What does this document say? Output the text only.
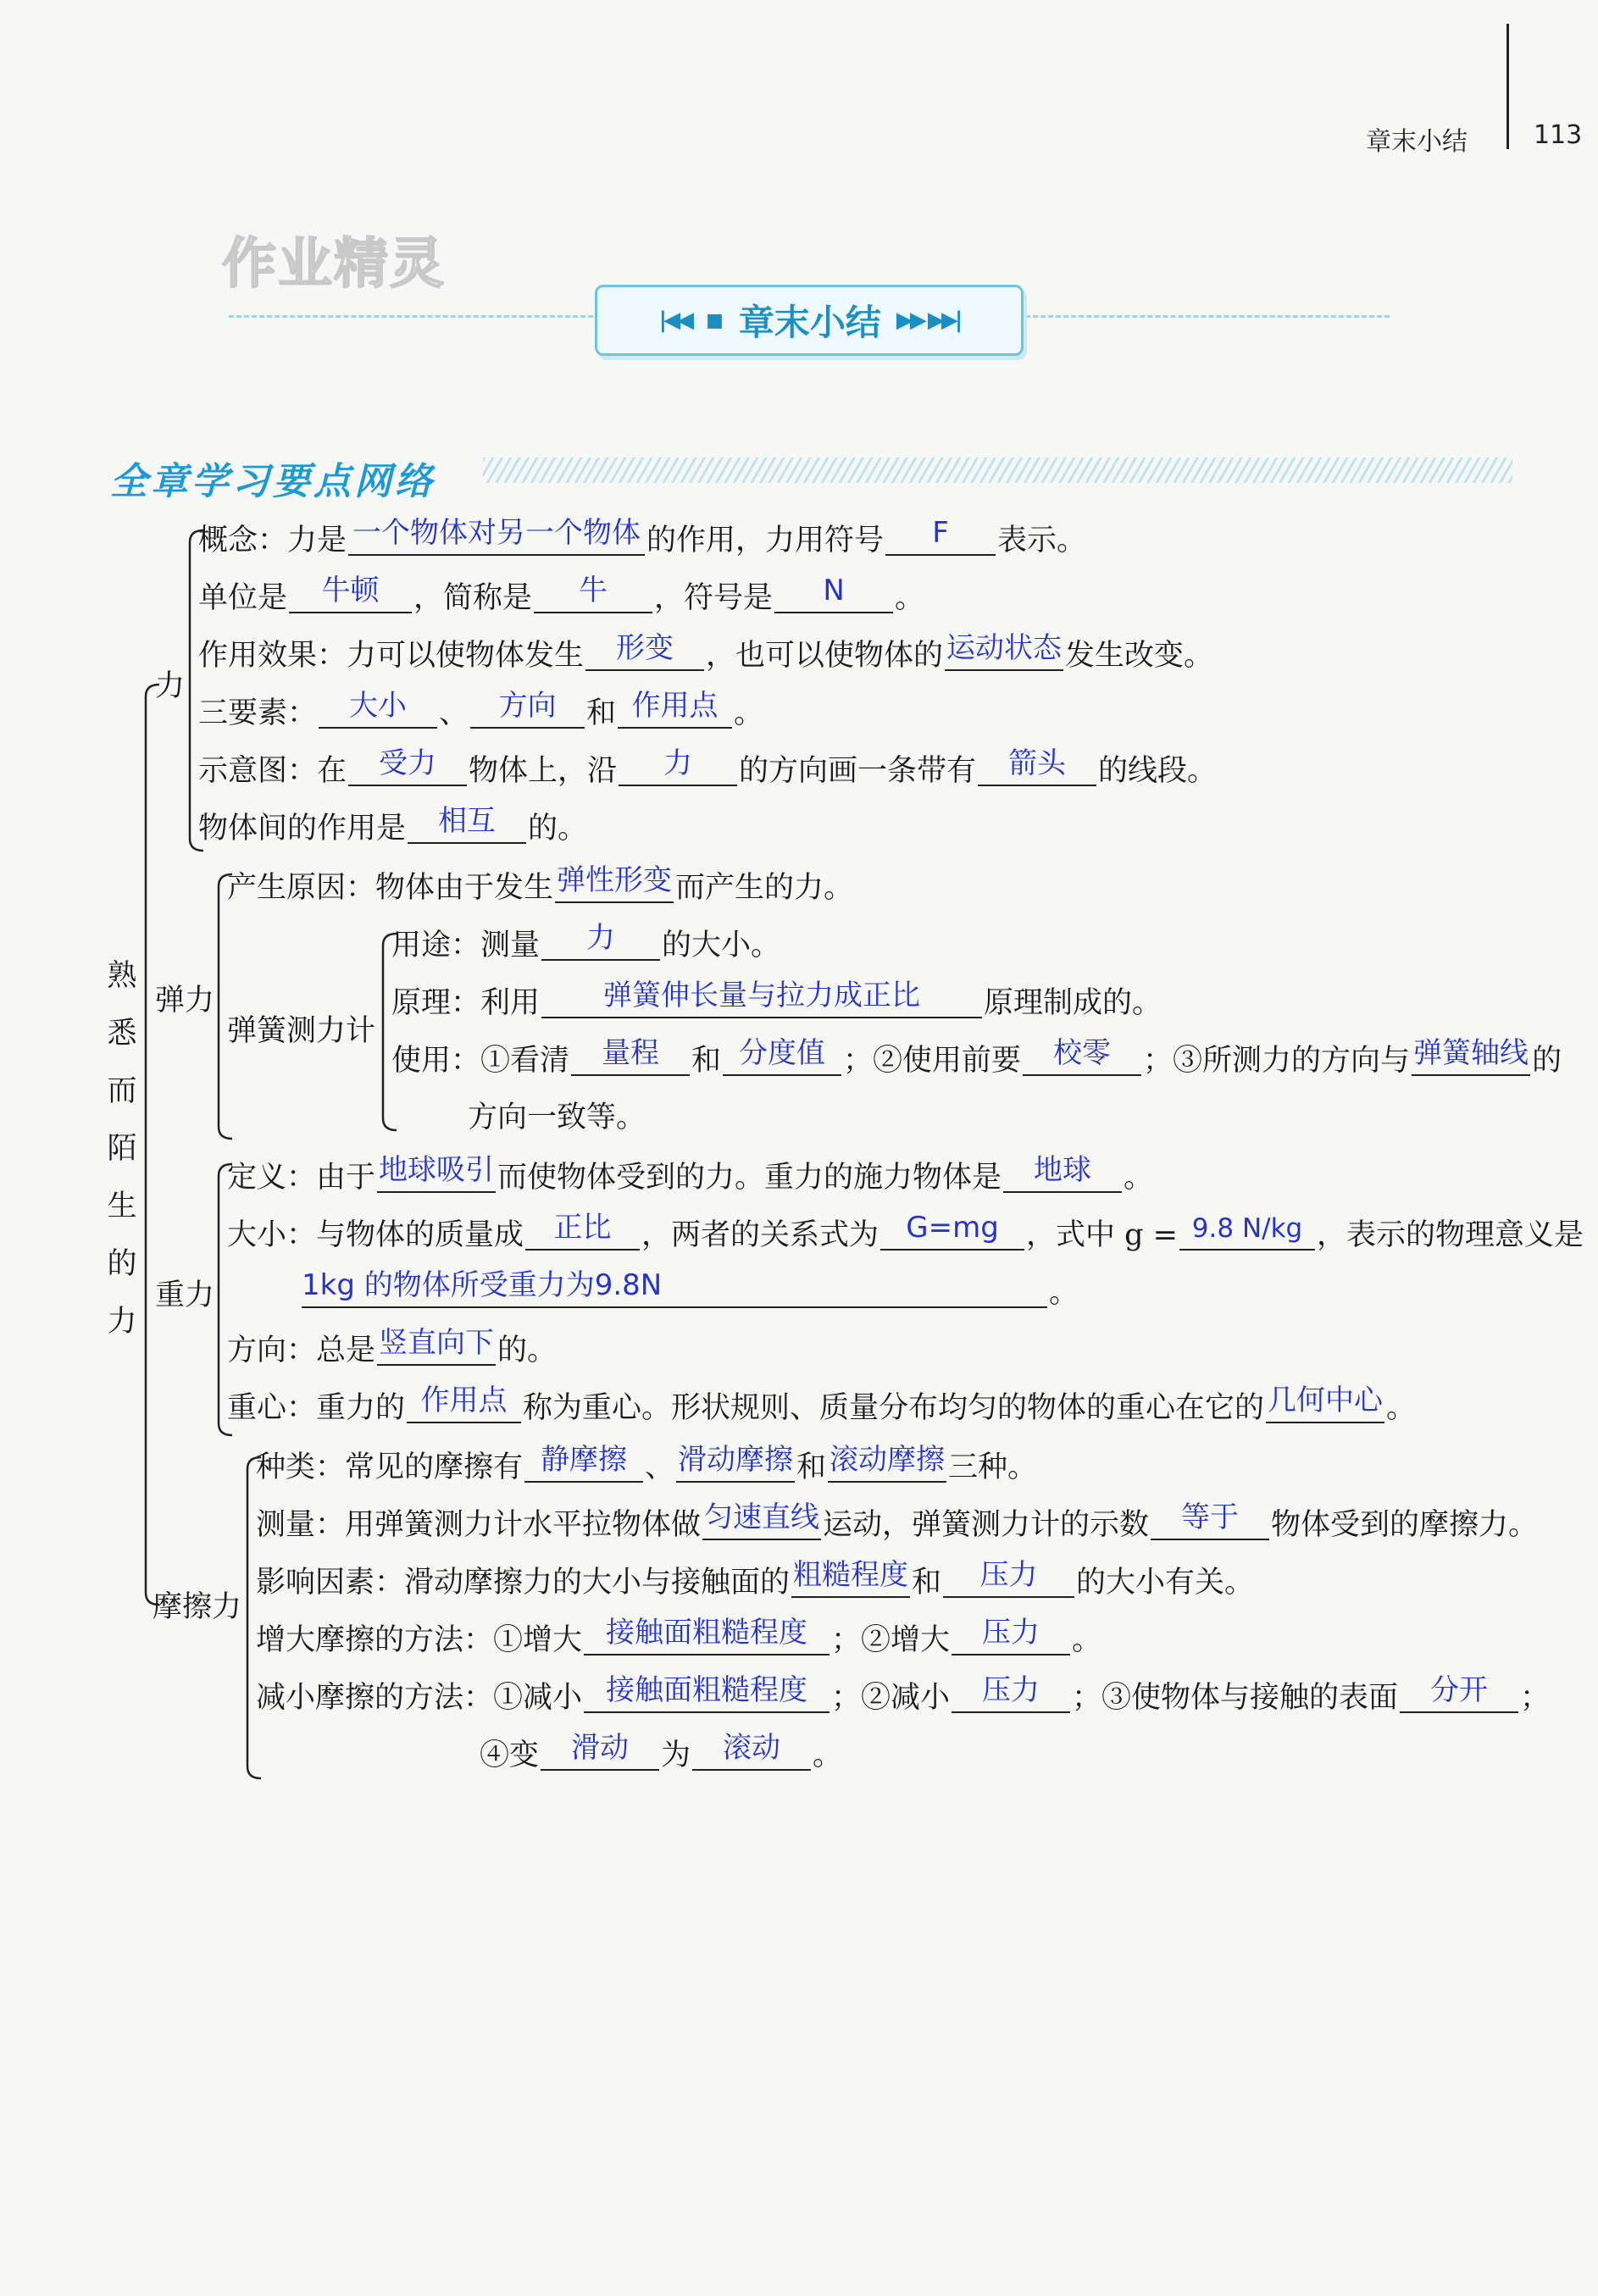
章末小结	113
作业精灵
|◀◀ ■ 章末小结 ▶▶ ▶▶|
全章学习要点网络
熟悉而陌生的力
力
弹力
弹簧测力计
重力
摩擦力
概念：力是 一个物体对另一个物体 的作用，力用符号	F	表示。
单位是	牛顿	，简称是	牛	，符号是	N	。
作用效果：力可以使物体发生	形变	，也可以使物体的 运动状态 发生改变。
三要素：	大小	、	方向	和 作用点 。
示意图：在	受力	物体上，沿	力	的方向画一条带有	箭头	的线段。
物体间的作用是	相互	的。
产生原因：物体由于发生 弹性形变 而产生的力。
用途：测量	力	的大小。
原理：利用	弹簧伸长量与拉力成正比	原理制成的。
使用：①看清	量程	和 分度值 ；②使用前要	校零	；③所测力的方向与 弹簧轴线 的
方向一致等。
定义：由于 地球吸引 而使物体受到的力。重力的施力物体是	地球	。
大小：与物体的质量成	正比	，两者的关系式为 G=mg ，式中 g = 9.8 N/kg ，表示的物理意义是
1kg 的物体所受重力为9.8N	。
方向：总是 竖直向下 的。
重心：重力的 作用点 称为重心。形状规则、质量分布均匀的物体的重心在它的 几何中心 。
种类：常见的摩擦有 静摩擦 、 滑动摩擦 和 滚动摩擦 三种。
测量：用弹簧测力计水平拉物体做 匀速直线 运动，弹簧测力计的示数	等于	物体受到的摩擦力。
影响因素：滑动摩擦力的大小与接触面的 粗糙程度 和	压力	的大小有关。
增大摩擦的方法：①增大 接触面粗糙程度 ；②增大	压力	。
减小摩擦的方法：①减小 接触面粗糙程度 ；②减小	压力	；③使物体与接触的表面	分开	；
④变	滑动	为	滚动	。
